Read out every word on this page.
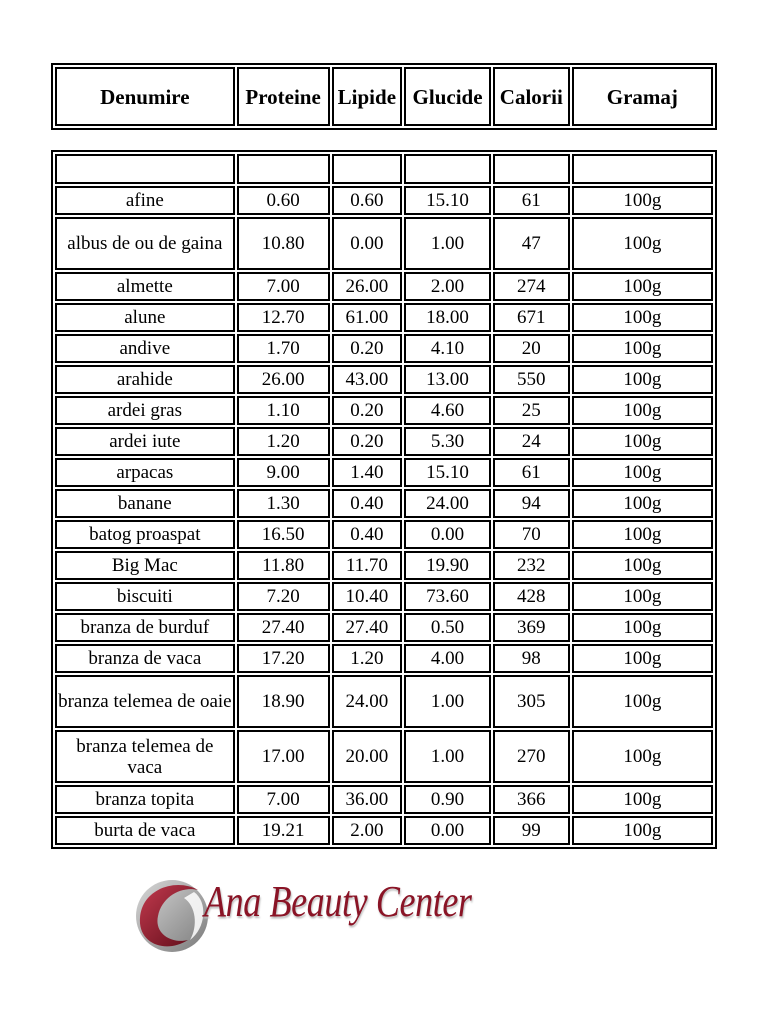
Denumire	Proteine	Lipide	Glucide	Calorii	Gramaj

afine	0.60	0.60	15.10	61	100g
albus de ou de gaina	10.80	0.00	1.00	47	100g
almette	7.00	26.00	2.00	274	100g
alune	12.70	61.00	18.00	671	100g
andive	1.70	0.20	4.10	20	100g
arahide	26.00	43.00	13.00	550	100g
ardei gras	1.10	0.20	4.60	25	100g
ardei iute	1.20	0.20	5.30	24	100g
arpacas	9.00	1.40	15.10	61	100g
banane	1.30	0.40	24.00	94	100g
batog proaspat	16.50	0.40	0.00	70	100g
Big Mac	11.80	11.70	19.90	232	100g
biscuiti	7.20	10.40	73.60	428	100g
branza de burduf	27.40	27.40	0.50	369	100g
branza de vaca	17.20	1.20	4.00	98	100g
branza telemea de oaie	18.90	24.00	1.00	305	100g
branza telemea de vaca	17.00	20.00	1.00	270	100g
branza topita	7.00	36.00	0.90	366	100g
burta de vaca	19.21	2.00	0.00	99	100g
Ana Beauty Center
